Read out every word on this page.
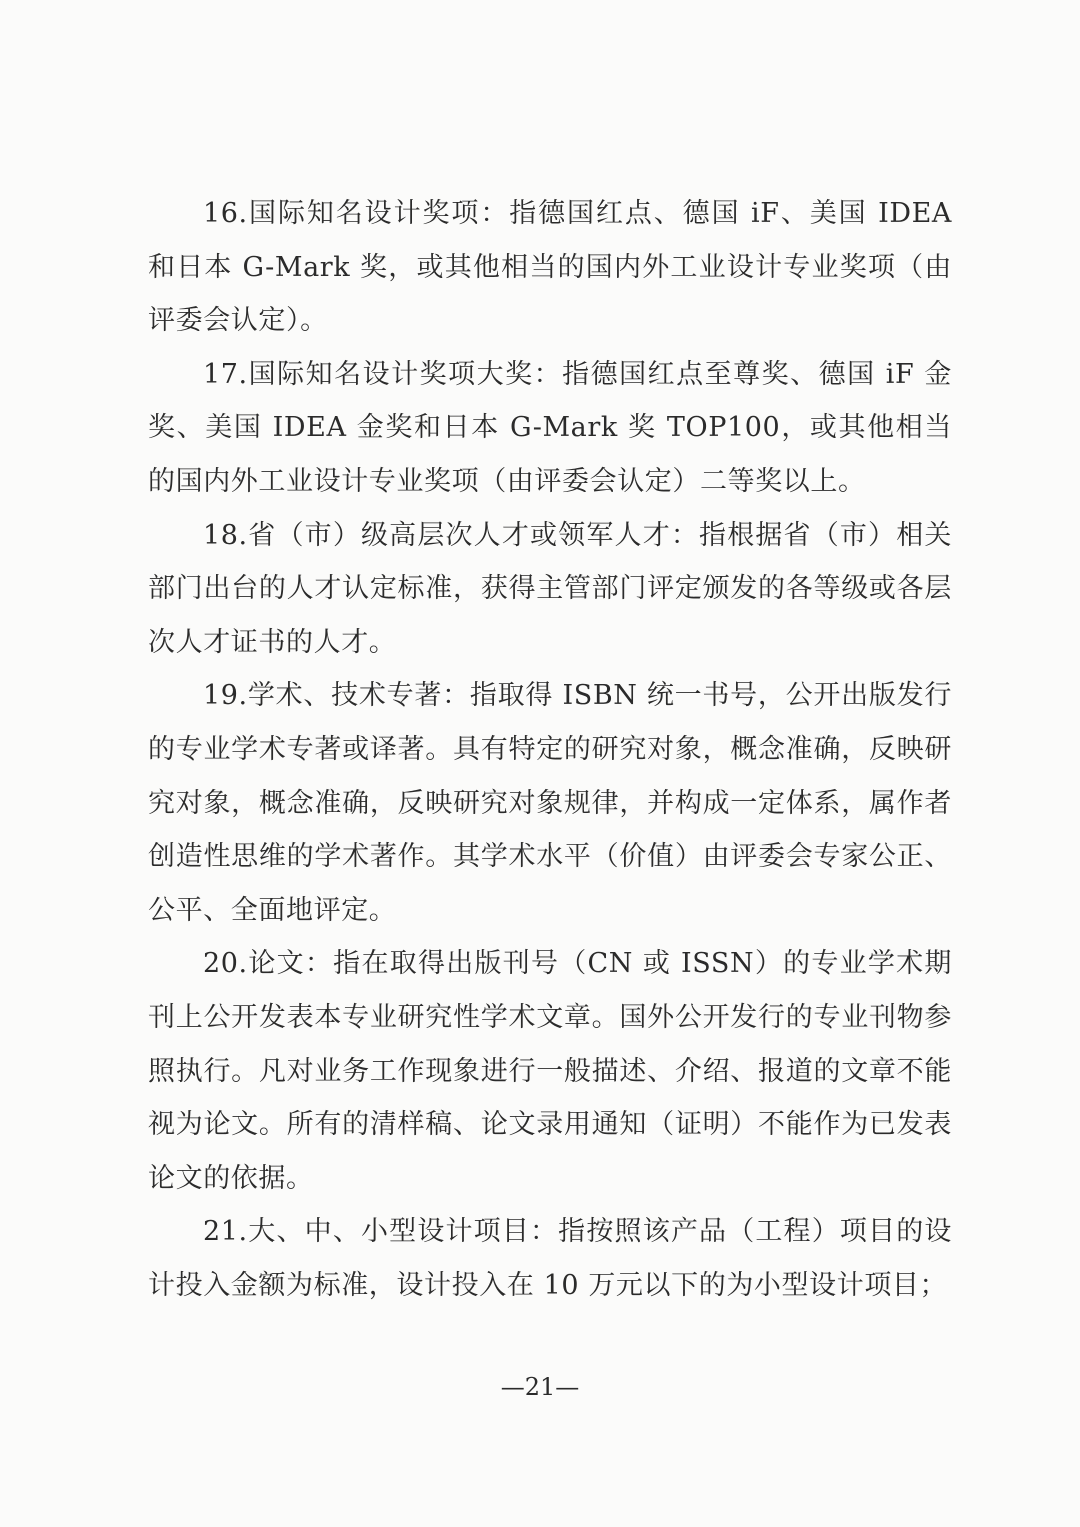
16.国际知名设计奖项：指德国红点、德国 iF、美国 IDEA 和日本 G-Mark 奖，或其他相当的国内外工业设计专业奖项（由评委会认定）。

17.国际知名设计奖项大奖：指德国红点至尊奖、德国 iF 金奖、美国 IDEA 金奖和日本 G-Mark 奖 TOP100，或其他相当的国内外工业设计专业奖项（由评委会认定）二等奖以上。

18.省（市）级高层次人才或领军人才：指根据省（市）相关部门出台的人才认定标准，获得主管部门评定颁发的各等级或各层次人才证书的人才。

19.学术、技术专著：指取得 ISBN 统一书号，公开出版发行的专业学术专著或译著。具有特定的研究对象，概念准确，反映研究对象，概念准确，反映研究对象规律，并构成一定体系，属作者创造性思维的学术著作。其学术水平（价值）由评委会专家公正、公平、全面地评定。

20.论文：指在取得出版刊号（CN 或 ISSN）的专业学术期刊上公开发表本专业研究性学术文章。国外公开发行的专业刊物参照执行。凡对业务工作现象进行一般描述、介绍、报道的文章不能视为论文。所有的清样稿、论文录用通知（证明）不能作为已发表论文的依据。

21.大、中、小型设计项目：指按照该产品（工程）项目的设计投入金额为标准，设计投入在 10 万元以下的为小型设计项目；

—21—
